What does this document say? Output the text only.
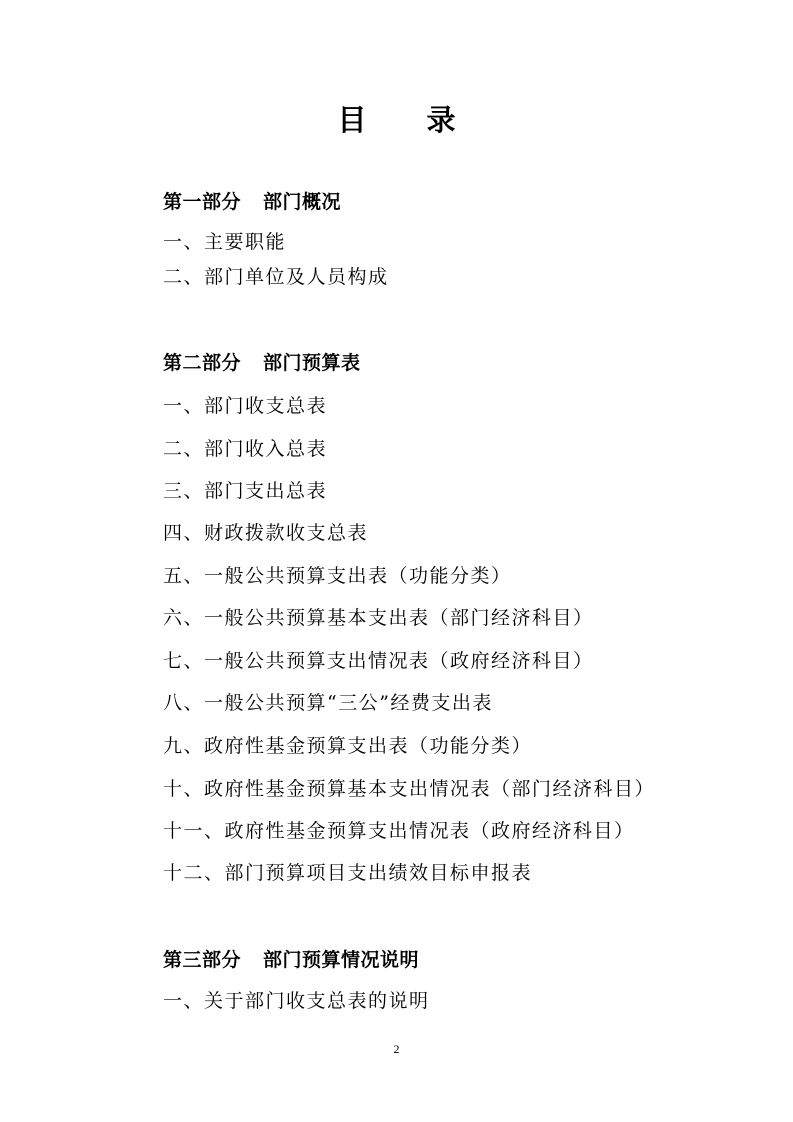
目 录
第一部分 部门概况
一、主要职能
二、部门单位及人员构成
第二部分 部门预算表
一、部门收支总表
二、部门收入总表
三、部门支出总表
四、财政拨款收支总表
五、一般公共预算支出表（功能分类）
六、一般公共预算基本支出表（部门经济科目）
七、一般公共预算支出情况表（政府经济科目）
八、一般公共预算“三公”经费支出表
九、政府性基金预算支出表（功能分类）
十、政府性基金预算基本支出情况表（部门经济科目）
十一、政府性基金预算支出情况表（政府经济科目）
十二、部门预算项目支出绩效目标申报表
第三部分 部门预算情况说明
一、关于部门收支总表的说明
2
